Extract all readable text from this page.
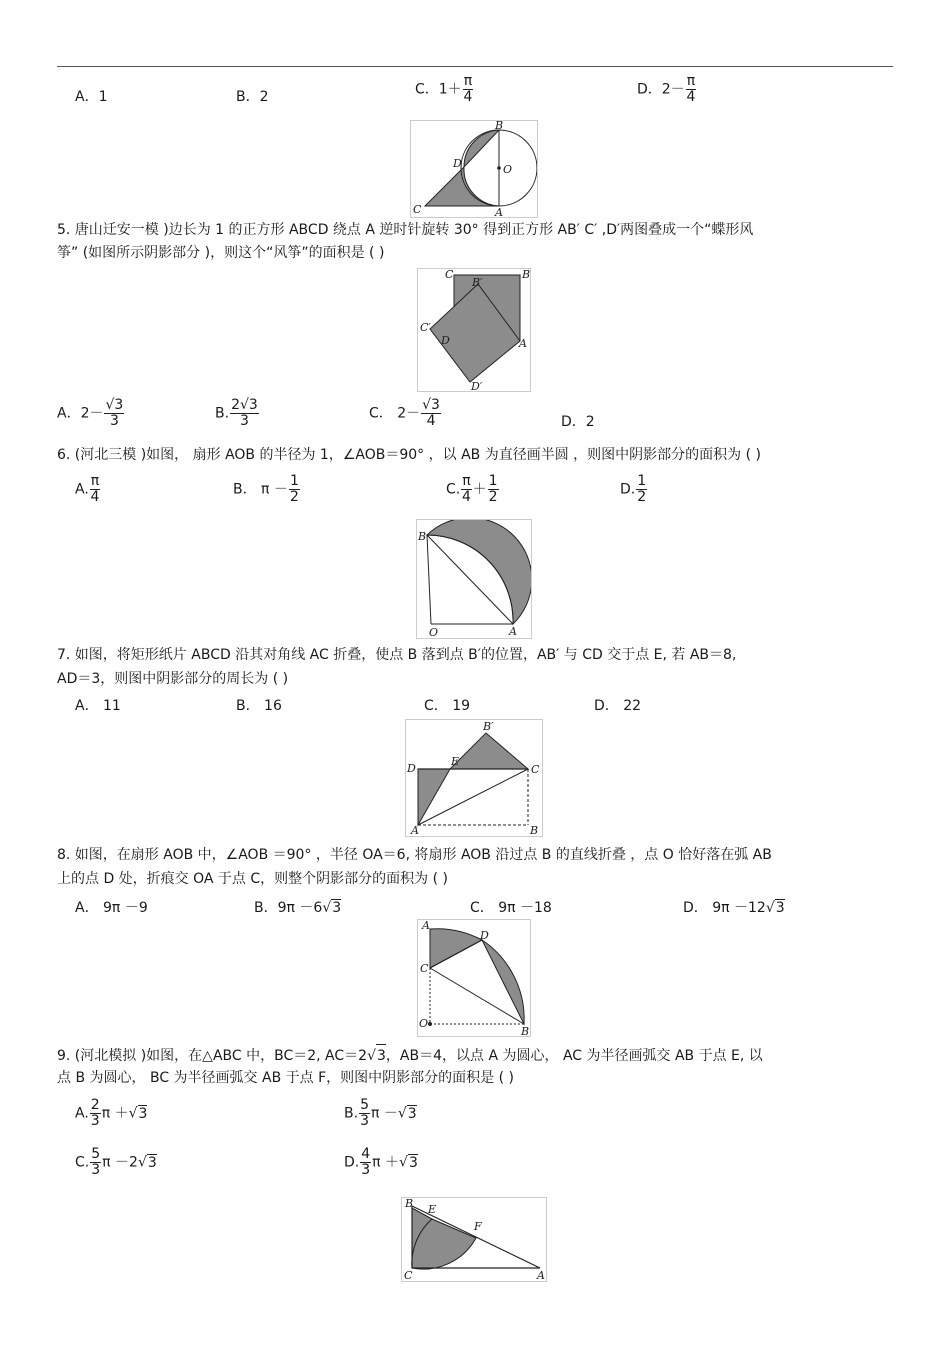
A．1	B．2	C．$1+ \frac{\pi}{4}$	D．$2- \frac{\pi}{4}$
B
D	O
C	A
5. 唐山迁安一模 )边长为 1 的正方形 ABCD 绕点 A 逆时针旋转 30° 得到正方形 AB′ C′ ,D′两图叠成一个“蝶形风
筝” (如图所示阴影部分 )，则这个“风筝”的面积是 ( )
C	B
B′
C′
D	A
D′
A．$2- \frac{√3}{3}$	B. $\frac{2√3}{3}$	C． $2- \frac{√3}{4}$	D．2
6. (河北三模 )如图， 扇形 AOB 的半径为 1，∠AOB＝90° ，以 AB 为直径画半圆 ，则图中阴影部分的面积为 ( )
A. $\frac{\pi}{4}$	B． $\pi - \frac{1}{2}$	C. $\frac{\pi}{4} + \frac{1}{2}$	D. $\frac{1}{2}$
B
O	A
7. 如图，将矩形纸片 ABCD 沿其对角线 AC 折叠，使点 B 落到点 B′的位置，AB′ 与 CD 交于点 E, 若 AB＝8,
AD＝3，则图中阴影部分的周长为 ( )
A． 11	B． 16	C． 19	D． 22
B′
E
D	C
A	B
8. 如图，在扇形 AOB 中，∠AOB ＝90° ，半径 OA＝6, 将扇形 AOB 沿过点 B 的直线折叠 ，点 O 恰好落在弧 AB
上的点 D 处，折痕交 OA 于点 C，则整个阴影部分的面积为 ( )
A． 9π －9	B．9π －6√3	C． 9π －18	D． 9π －12√3
A
D
C
O
B
9. (河北模拟 )如图，在△ABC 中，BC＝2, AC＝2√3，AB＝4，以点 A 为圆心， AC 为半径画弧交 AB 于点 E, 以
点 B 为圆心， BC 为半径画弧交 AB 于点 F，则图中阴影部分的面积是 ( )
A. $\frac{2}{3}$ π ＋√3	B. $\frac{5}{3}$ π －√3
C. $\frac{5}{3}$ π －2√3	D. $\frac{4}{3}$ π ＋√3
B E
F
C	A
